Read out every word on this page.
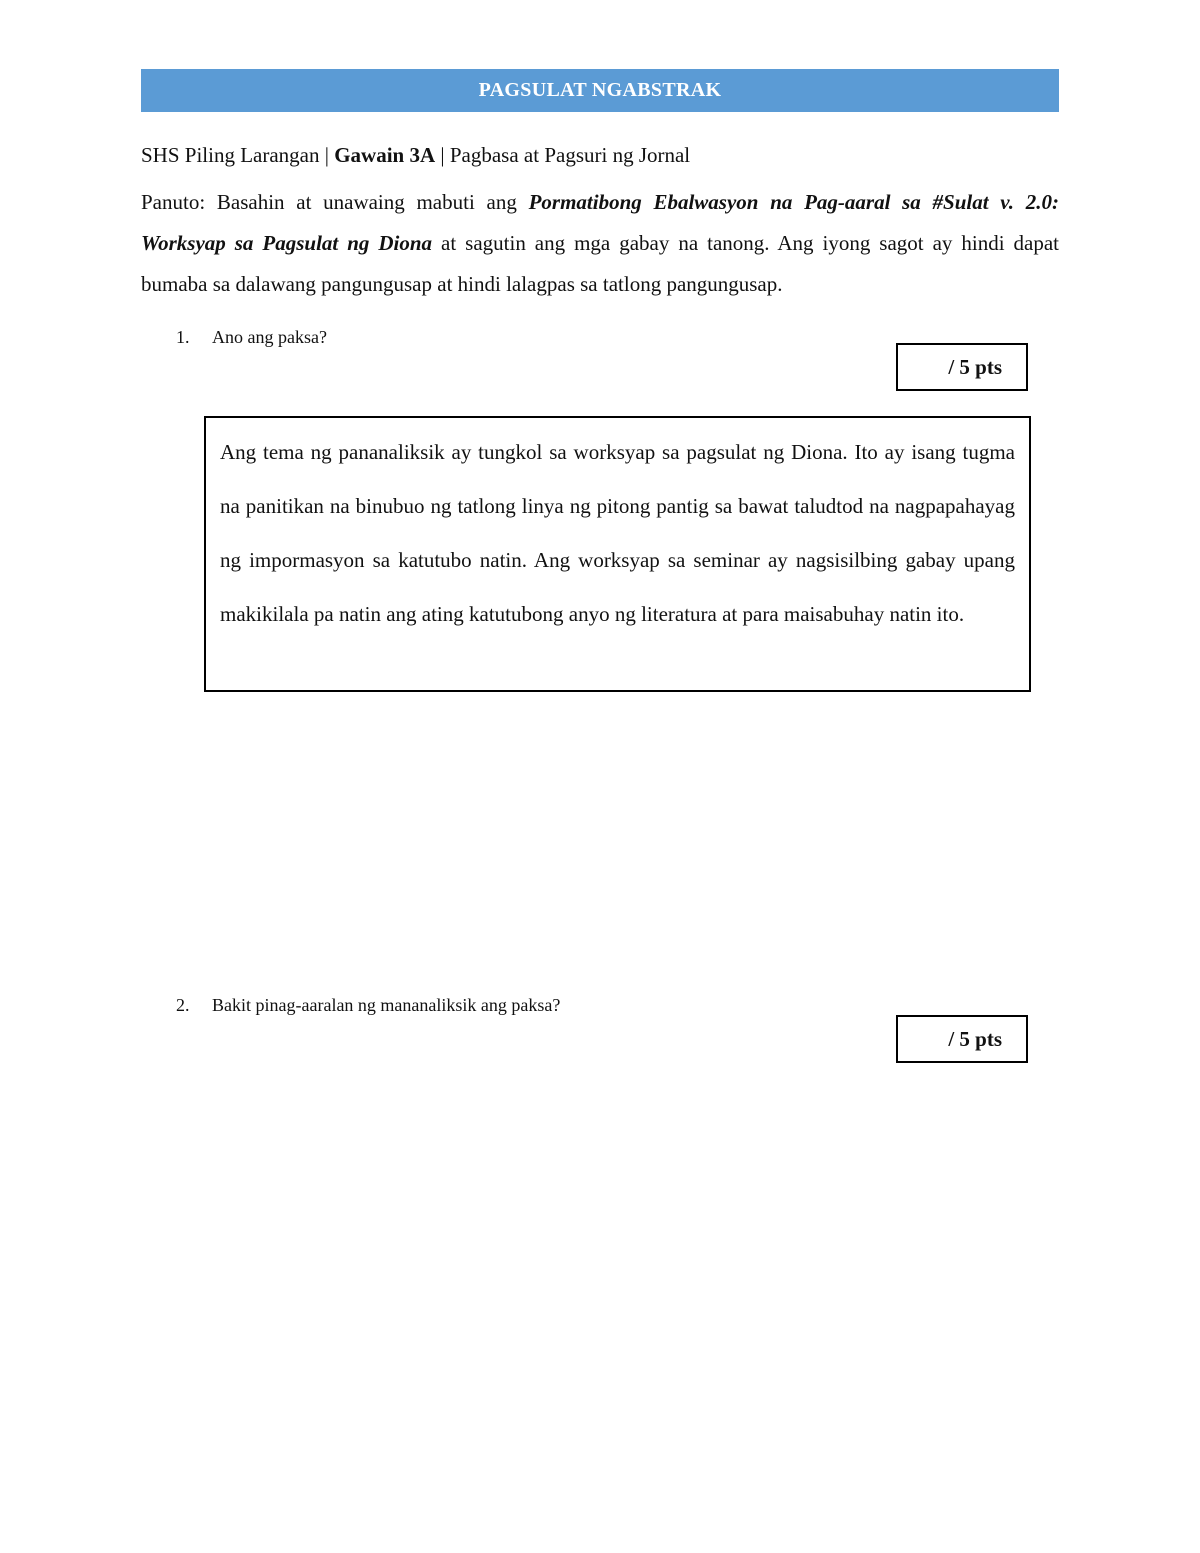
PAGSULAT NGABSTRAK
SHS Piling Larangan | Gawain 3A | Pagbasa at Pagsuri ng Jornal
Panuto: Basahin at unawaing mabuti ang Pormatibong Ebalwasyon na Pag-aaral sa #Sulat v. 2.0: Worksyap sa Pagsulat ng Diona at sagutin ang mga gabay na tanong. Ang iyong sagot ay hindi dapat bumaba sa dalawang pangungusap at hindi lalagpas sa tatlong pangungusap.
1. Ano ang paksa?
/ 5 pts

Ang tema ng pananaliksik ay tungkol sa worksyap sa pagsulat ng Diona. Ito ay isang tugma na panitikan na binubuo ng tatlong linya ng pitong pantig sa bawat taludtod na nagpapahayag ng impormasyon sa katutubo natin. Ang worksyap sa seminar ay nagsisilbing gabay upang makikilala pa natin ang ating katutubong anyo ng literatura at para maisabuhay natin ito.

2. Bakit pinag-aaralan ng mananaliksik ang paksa?
/ 5 pts
